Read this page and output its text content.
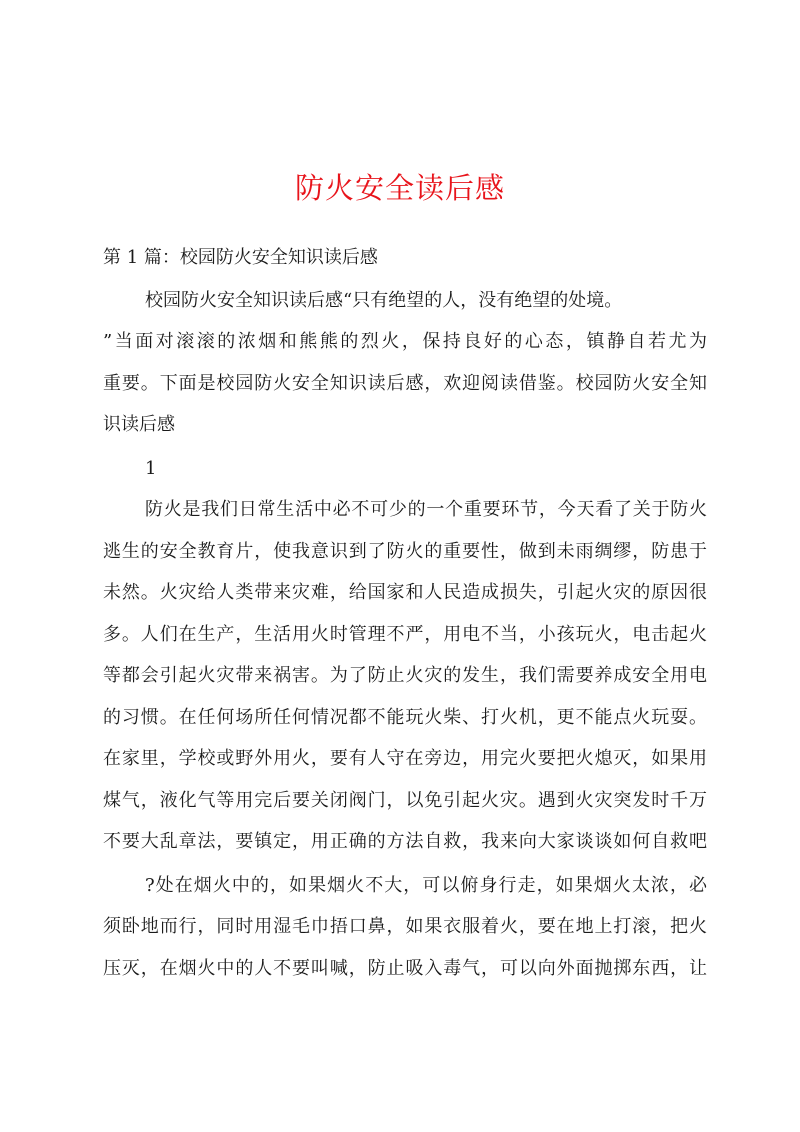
防火安全读后感
第 1 篇：校园防火安全知识读后感
校园防火安全知识读后感“只有绝望的人，没有绝望的处境。
”当面对滚滚的浓烟和熊熊的烈火，保持良好的心态，镇静自若尤为
重要。下面是校园防火安全知识读后感，欢迎阅读借鉴。校园防火安全知
识读后感
1
防火是我们日常生活中必不可少的一个重要环节，今天看了关于防火
逃生的安全教育片，使我意识到了防火的重要性，做到未雨绸缪，防患于
未然。火灾给人类带来灾难，给国家和人民造成损失，引起火灾的原因很
多。人们在生产，生活用火时管理不严，用电不当，小孩玩火，电击起火
等都会引起火灾带来祸害。为了防止火灾的发生，我们需要养成安全用电
的习惯。在任何场所任何情况都不能玩火柴、打火机，更不能点火玩耍。
在家里，学校或野外用火，要有人守在旁边，用完火要把火熄灭，如果用
煤气，液化气等用完后要关闭阀门，以免引起火灾。遇到火灾突发时千万
不要大乱章法，要镇定，用正确的方法自救，我来向大家谈谈如何自救吧
?处在烟火中的，如果烟火不大，可以俯身行走，如果烟火太浓，必
须卧地而行，同时用湿毛巾捂口鼻，如果衣服着火，要在地上打滚，把火
压灭，在烟火中的人不要叫喊，防止吸入毒气，可以向外面抛掷东西，让
